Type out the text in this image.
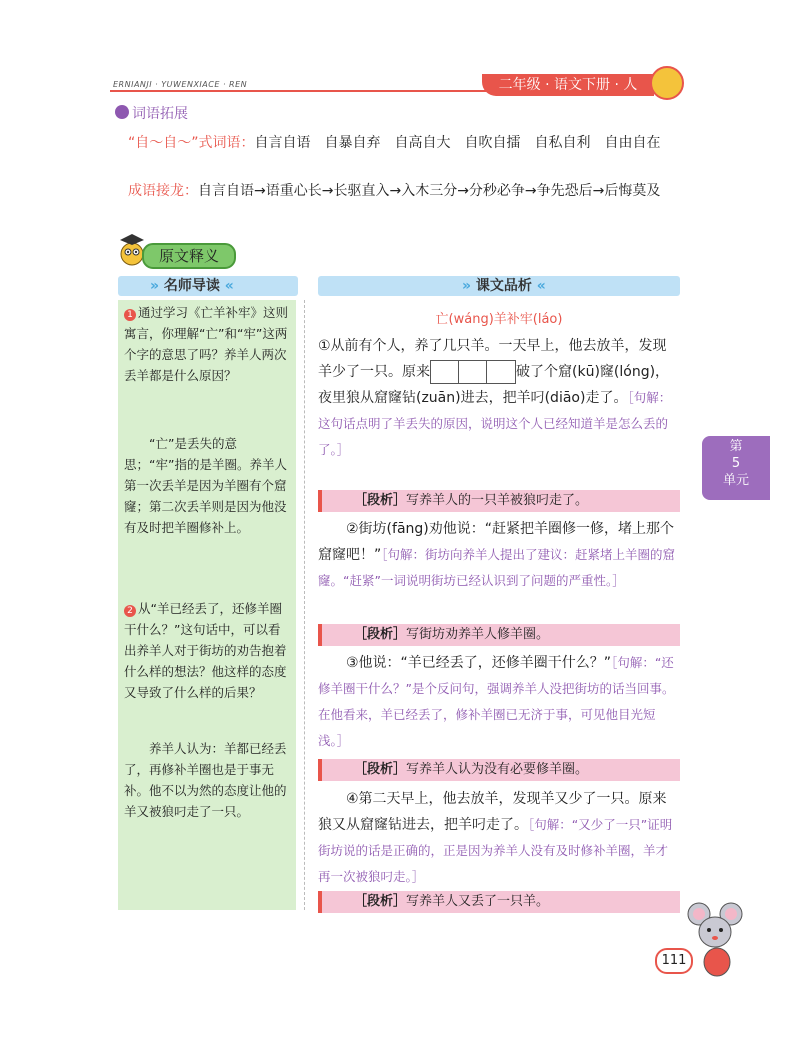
ERNIANJI · YUWENXIACE · REN	二年级 · 语文下册 · 人
词语拓展
“自～自～”式词语：自言自语　自暴自弃　自高自大　自吹自擂　自私自利　自由自在
成语接龙：自言自语→语重心长→长驱直入→入木三分→分秒必争→争先恐后→后悔莫及
原文释义
» 名师导读 «	» 课文品析 «
1 通过学习《亡羊补牢》这则寓言，你理解“亡”和“牢”这两个字的意思了吗？养羊人两次丢羊都是什么原因？
“亡”是丢失的意思；“牢”指的是羊圈。养羊人第一次丢羊是因为羊圈有个窟窿；第二次丢羊则是因为他没有及时把羊圈修补上。
2 从“羊已经丢了，还修羊圈干什么？”这句话中，可以看出养羊人对于街坊的劝告抱着什么样的想法？他这样的态度又导致了什么样的后果？
养羊人认为：羊都已经丢了，再修补羊圈也是于事无补。他不以为然的态度让他的羊又被狼叼走了一只。
亡(wáng)羊补牢(láo)
①从前有个人，养了几只羊。一天早上，他去放羊，发现羊少了一只。原来	破了个窟(kū)窿(lóng)，夜里狼从窟窿钻(zuān)进去，把羊叼(diāo)走了。［句解：这句话点明了羊丢失的原因，说明这个人已经知道羊是怎么丢的了。］
［段析］写养羊人的一只羊被狼叼走了。
②街坊(fāng)劝他说：“赶紧把羊圈修一修，堵上那个窟窿吧！”［句解：街坊向养羊人提出了建议：赶紧堵上羊圈的窟窿。“赶紧”一词说明街坊已经认识到了问题的严重性。］
［段析］写街坊劝养羊人修羊圈。
③他说：“羊已经丢了，还修羊圈干什么？”［句解：“还修羊圈干什么？”是个反问句，强调养羊人没把街坊的话当回事。在他看来，羊已经丢了，修补羊圈已无济于事，可见他目光短浅。］
［段析］写养羊人认为没有必要修羊圈。
④第二天早上，他去放羊，发现羊又少了一只。原来狼又从窟窿钻进去，把羊叼走了。［句解：“又少了一只”证明街坊说的话是正确的，正是因为养羊人没有及时修补羊圈，羊才再一次被狼叼走。］
［段析］写养羊人又丢了一只羊。
第
5
单元
111
